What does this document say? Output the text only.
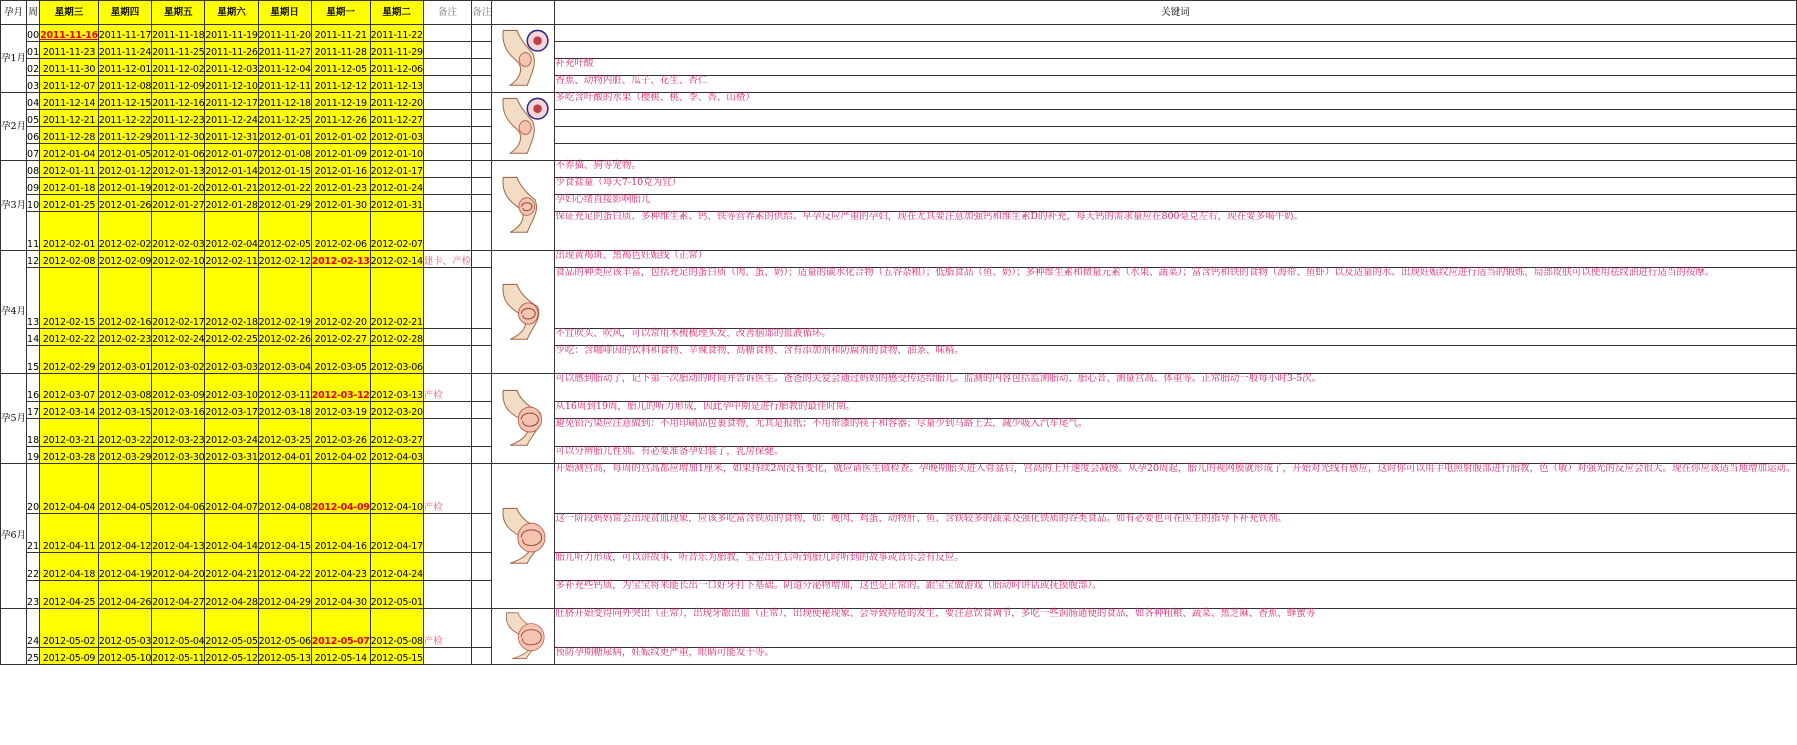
孕月	周	星期三	星期四	星期五	星期六	星期日	星期一	星期二	备注	备注		关键词
孕1月	00	2011-11-16	2011-11-17	2011-11-18	2011-11-19	2011-11-20	2011-11-21	2011-11-22				
	01	2011-11-23	2011-11-24	2011-11-25	2011-11-26	2011-11-27	2011-11-28	2011-11-29				
	02	2011-11-30	2011-12-01	2011-12-02	2011-12-03	2011-12-04	2011-12-05	2011-12-06				补充叶酸
	03	2011-12-07	2011-12-08	2011-12-09	2011-12-10	2011-12-11	2011-12-12	2011-12-13				香蕉、动物内脏、瓜子、花生、杏仁
孕2月	04	2011-12-14	2011-12-15	2011-12-16	2011-12-17	2011-12-18	2011-12-19	2011-12-20				多吃含叶酸的水果（樱桃、桃、李、杏、山楂）
	05	2011-12-21	2011-12-22	2011-12-23	2011-12-24	2011-12-25	2011-12-26	2011-12-27				
	06	2011-12-28	2011-12-29	2011-12-30	2011-12-31	2012-01-01	2012-01-02	2012-01-03				
	07	2012-01-04	2012-01-05	2012-01-06	2012-01-07	2012-01-08	2012-01-09	2012-01-10				
孕3月	08	2012-01-11	2012-01-12	2012-01-13	2012-01-14	2012-01-15	2012-01-16	2012-01-17				不养猫、狗等宠物。
	09	2012-01-18	2012-01-19	2012-01-20	2012-01-21	2012-01-22	2012-01-23	2012-01-24				少食盐量（每天7-10克为宜）
	10	2012-01-25	2012-01-26	2012-01-27	2012-01-28	2012-01-29	2012-01-30	2012-01-31				孕妇心绪直接影响胎儿
	11	2012-02-01	2012-02-02	2012-02-03	2012-02-04	2012-02-05	2012-02-06	2012-02-07				保证充足的蛋白质、多种维生素、钙、铁等营养素的供给。早孕反应严重的孕妇，现在尤其要注意加强钙和维生素D的补充，每天钙的需求量应在800毫克左右，现在要多喝牛奶。
孕4月	12	2012-02-08	2012-02-09	2012-02-10	2012-02-11	2012-02-12	2012-02-13	2012-02-14	建卡、产检			出现黄褐斑、黑褐色妊娠线（正常）
	13	2012-02-15	2012-02-16	2012-02-17	2012-02-18	2012-02-19	2012-02-20	2012-02-21				食品的种类应该丰富，包括充足的蛋白质（肉、蛋、奶）；适量的碳水化合物（五谷杂粮）；低脂食品（鱼、奶）；多种维生素和微量元素（水果、蔬菜）；富含钙和铁的食物（海带、鱼虾）以及适量的水。出现妊娠纹应进行适当的锻炼，局部皮肤可以使用祛纹油进行适当的按摩。
	14	2012-02-22	2012-02-23	2012-02-24	2012-02-25	2012-02-26	2012-02-27	2012-02-28				不宜吹头、吹风，可以常用木梳梳理头发，改善脑部的血液循环。
	15	2012-02-29	2012-03-01	2012-03-02	2012-03-03	2012-03-04	2012-03-05	2012-03-06				少吃：含咖啡因的饮料和食物、辛辣食物、高糖食物、含有添加剂和防腐剂的食物、油条、味精。
孕5月	16	2012-03-07	2012-03-08	2012-03-09	2012-03-10	2012-03-11	2012-03-12	2012-03-13	产检			可以感到胎动了，记下第一次胎动的时间并告诉医生。爸爸的关爱会通过妈妈的感受传达给胎儿。监测的内容包括监测胎动、胎心音、测量宫高、体重等。正常胎动一般每小时3-5次。
	17	2012-03-14	2012-03-15	2012-03-16	2012-03-17	2012-03-18	2012-03-19	2012-03-20				从16周到19周，胎儿的听力形成，因此孕中期是进行胎教的最佳时期。
	18	2012-03-21	2012-03-22	2012-03-23	2012-03-24	2012-03-25	2012-03-26	2012-03-27				避免铅污染应注意做到：不用印刷品包裹食物，尤其是报纸；不用带漆的筷子和容器；尽量少到马路上去，减少吸入汽车尾气。
	19	2012-03-28	2012-03-29	2012-03-30	2012-03-31	2012-04-01	2012-04-02	2012-04-03				可以分辨胎儿性别。有必要准备孕妇装了，乳房保健。
孕6月	20	2012-04-04	2012-04-05	2012-04-06	2012-04-07	2012-04-08	2012-04-09	2012-04-10	产检			开始测宫高，每周的宫高都应增加1厘米，如果持续2周没有变化，就应请医生做检查。孕晚期胎头进入骨盆后，宫高的上升速度会减慢。从孕20周起，胎儿的视网膜就形成了，开始对光线有感应，这时你可以用手电照射腹部进行胎教，色（敏）对强光的反应会很大。现在你应该适当地增加运动。
	21	2012-04-11	2012-04-12	2012-04-13	2012-04-14	2012-04-15	2012-04-16	2012-04-17				这一阶段妈妈常会出现贫血现象，应该多吃富含铁质的食物，如：瘦肉、鸡蛋、动物肝、鱼、含铁较多的蔬菜及强化铁质的谷类食品。如有必要也可在医生的指导下补充铁剂。
	22	2012-04-18	2012-04-19	2012-04-20	2012-04-21	2012-04-22	2012-04-23	2012-04-24				胎儿听力形成，可以讲故事，听音乐为胎教，宝宝出生后听到胎儿时听到的故事或音乐会有反应。
	23	2012-04-25	2012-04-26	2012-04-27	2012-04-28	2012-04-29	2012-04-30	2012-05-01				多补充些钙质，为宝宝将来能长出一口好牙打下基础。阴道分泌物增加，这也是正常的。跟宝宝做游戏（胎动时讲话或抚摸腹部）。
	24	2012-05-02	2012-05-03	2012-05-04	2012-05-05	2012-05-06	2012-05-07	2012-05-08	产检			肚脐开始变得向外突出（正常），出现牙龈出血（正常），出现便秘现象、会导致痔疮的发生，要注意饮食调节，多吃一些润肠通便的食品，如各种粗粮、蔬菜、黑芝麻、香蕉、蜂蜜等
	25	2012-05-09	2012-05-10	2012-05-11	2012-05-12	2012-05-13	2012-05-14	2012-05-15				预防孕期糖尿病，妊娠纹更严重，眼睛可能发干等。
